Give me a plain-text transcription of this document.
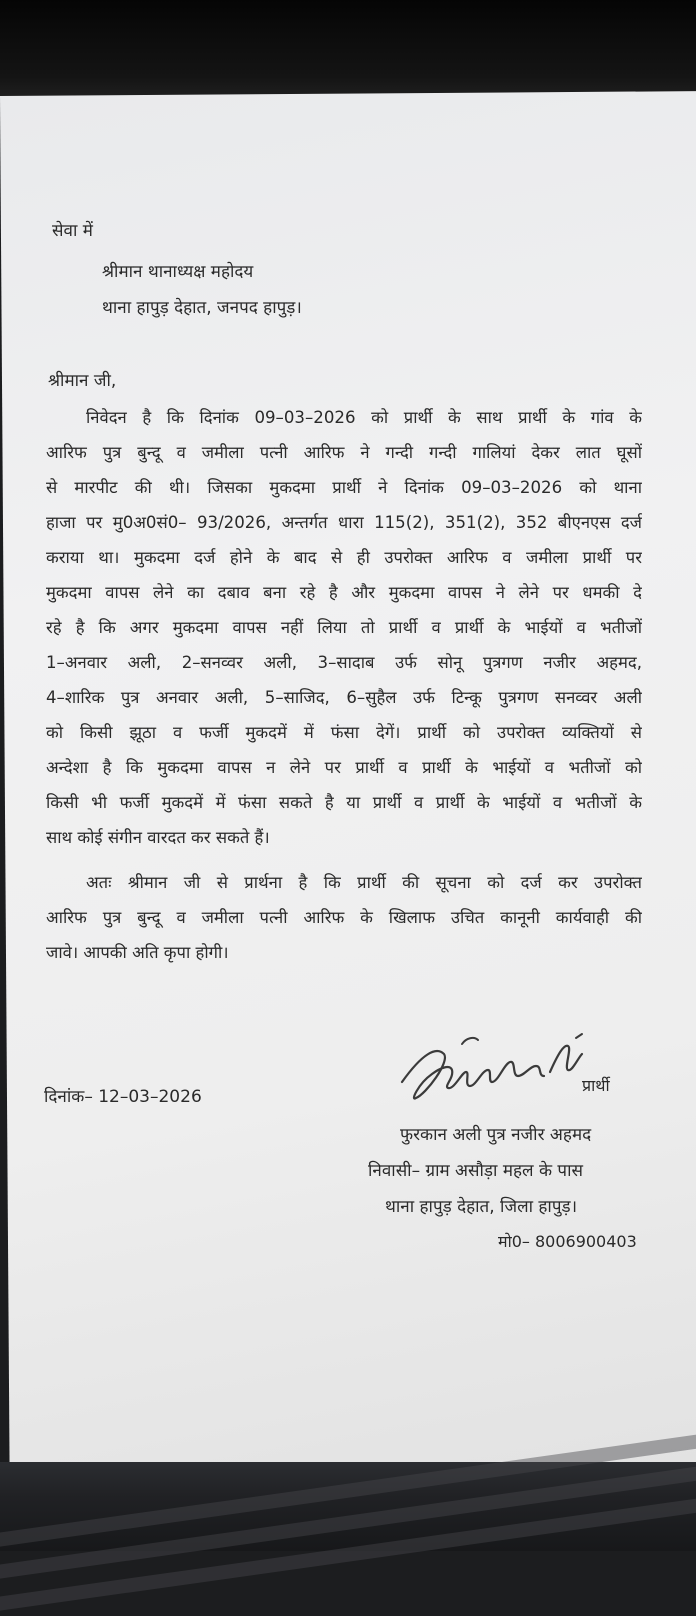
सेवा में
श्रीमान थानाध्यक्ष महोदय
थाना हापुड़ देहात, जनपद हापुड़।
श्रीमान जी,
निवेदन है कि दिनांक 09–03–2026 को प्रार्थी के साथ प्रार्थी के गांव के
आरिफ पुत्र बुन्दू व जमीला पत्नी आरिफ ने गन्दी गन्दी गालियां देकर लात घूसों
से मारपीट की थी। जिसका मुकदमा प्रार्थी ने दिनांक 09–03–2026 को थाना
हाजा पर मु0अ0सं0– 93/2026, अन्तर्गत धारा 115(2), 351(2), 352 बीएनएस दर्ज
कराया था। मुकदमा दर्ज होने के बाद से ही उपरोक्त आरिफ व जमीला प्रार्थी पर
मुकदमा वापस लेने का दबाव बना रहे है और मुकदमा वापस ने लेने पर धमकी दे
रहे है कि अगर मुकदमा वापस नहीं लिया तो प्रार्थी व प्रार्थी के भाईयों व भतीजों
1–अनवार अली, 2–सनव्वर अली, 3–सादाब उर्फ सोनू पुत्रगण नजीर अहमद,
4–शारिक पुत्र अनवार अली, 5–साजिद, 6–सुहैल उर्फ टिन्कू पुत्रगण सनव्वर अली
को किसी झूठा व फर्जी मुकदमें में फंसा देगें। प्रार्थी को उपरोक्त व्यक्तियों से
अन्देशा है कि मुकदमा वापस न लेने पर प्रार्थी व प्रार्थी के भाईयों व भतीजों को
किसी भी फर्जी मुकदमें में फंसा सकते है या प्रार्थी व प्रार्थी के भाईयों व भतीजों के
साथ कोई संगीन वारदत कर सकते हैं।
अतः श्रीमान जी से प्रार्थना है कि प्रार्थी की सूचना को दर्ज कर उपरोक्त
आरिफ पुत्र बुन्दू व जमीला पत्नी आरिफ के खिलाफ उचित कानूनी कार्यवाही की
जावे। आपकी अति कृपा होगी।
प्रार्थी
दिनांक– 12–03–2026
फुरकान अली पुत्र नजीर अहमद
निवासी– ग्राम असौड़ा महल के पास
थाना हापुड़ देहात, जिला हापुड़।
मो0– 8006900403
